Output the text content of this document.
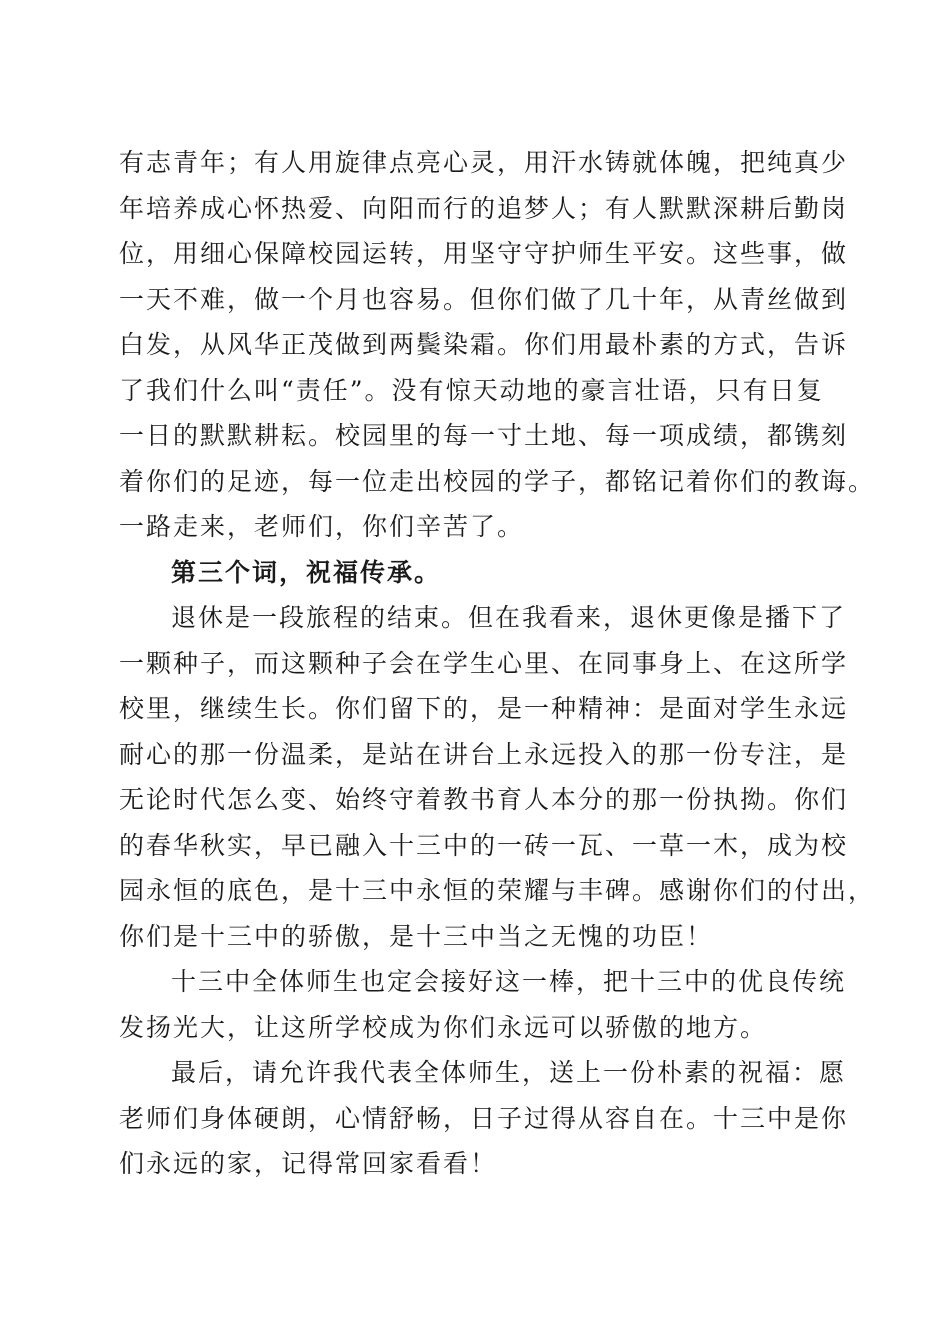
有志青年；有人用旋律点亮心灵，用汗水铸就体魄，把纯真少
年培养成心怀热爱、向阳而行的追梦人；有人默默深耕后勤岗
位，用细心保障校园运转，用坚守守护师生平安。这些事，做
一天不难，做一个月也容易。但你们做了几十年，从青丝做到
白发，从风华正茂做到两鬓染霜。你们用最朴素的方式，告诉
了我们什么叫“责任”。没有惊天动地的豪言壮语，只有日复
一日的默默耕耘。校园里的每一寸土地、每一项成绩，都镌刻
着你们的足迹，每一位走出校园的学子，都铭记着你们的教诲。
一路走来，老师们，你们辛苦了。
第三个词，祝福传承。
退休是一段旅程的结束。但在我看来，退休更像是播下了
一颗种子，而这颗种子会在学生心里、在同事身上、在这所学
校里，继续生长。你们留下的，是一种精神：是面对学生永远
耐心的那一份温柔，是站在讲台上永远投入的那一份专注，是
无论时代怎么变、始终守着教书育人本分的那一份执拗。你们
的春华秋实，早已融入十三中的一砖一瓦、一草一木，成为校
园永恒的底色，是十三中永恒的荣耀与丰碑。感谢你们的付出，
你们是十三中的骄傲，是十三中当之无愧的功臣！
十三中全体师生也定会接好这一棒，把十三中的优良传统
发扬光大，让这所学校成为你们永远可以骄傲的地方。
最后，请允许我代表全体师生，送上一份朴素的祝福：愿
老师们身体硬朗，心情舒畅，日子过得从容自在。十三中是你
们永远的家，记得常回家看看！
